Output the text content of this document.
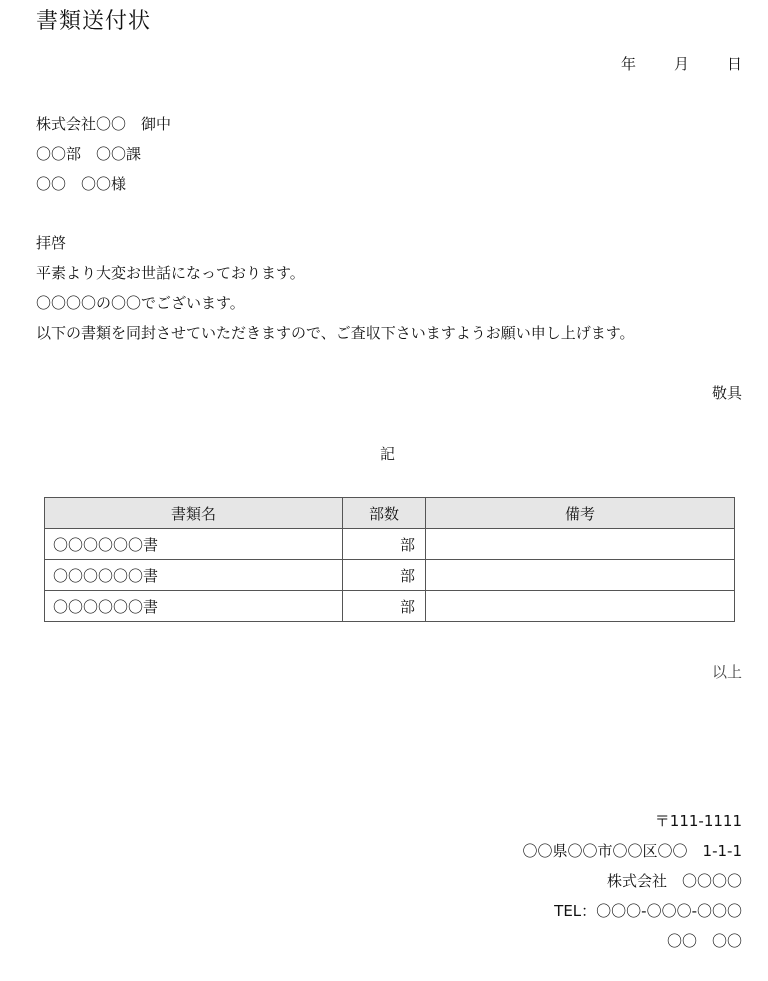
書類送付状
年	月	日
株式会社〇〇　御中
〇〇部　〇〇課
〇〇　〇〇様
拝啓
平素より大変お世話になっております。
〇〇〇〇の〇〇でございます。
以下の書類を同封させていただきますので、ご査収下さいますようお願い申し上げます。
敬具
記
書類名	部数	備考
〇〇〇〇〇〇書	部	
〇〇〇〇〇〇書	部	
〇〇〇〇〇〇書	部	
以上
〒111-1111
〇〇県〇〇市〇〇区〇〇　1-1-1
株式会社　〇〇〇〇
TEL：〇〇〇-〇〇〇-〇〇〇
〇〇　〇〇
